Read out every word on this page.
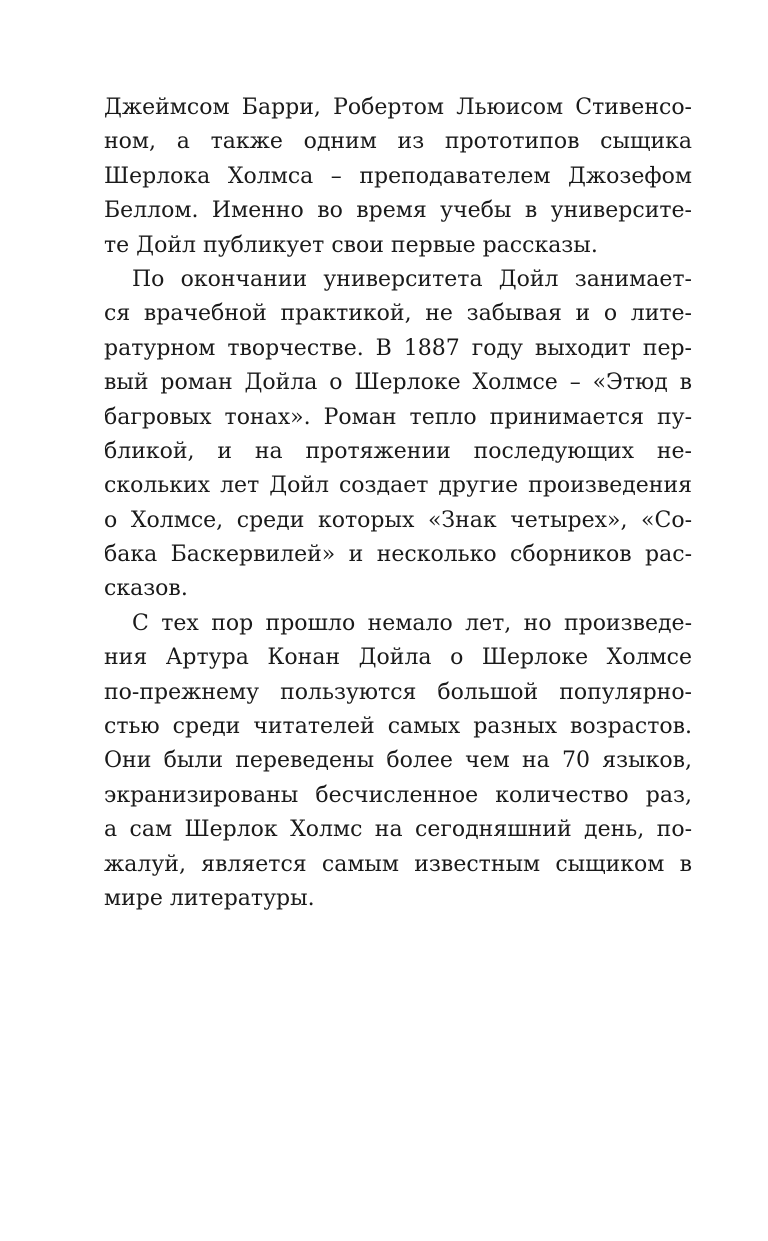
Джеймсом Барри, Робертом Льюисом Стивенсо-
ном, а также одним из прототипов сыщика
Шерлока Холмса – преподавателем Джозефом
Беллом. Именно во время учебы в университе-
те Дойл публикует свои первые рассказы.
По окончании университета Дойл занимает-
ся врачебной практикой, не забывая и о лите-
ратурном творчестве. В 1887 году выходит пер-
вый роман Дойла о Шерлоке Холмсе – «Этюд в
багровых тонах». Роман тепло принимается пу-
бликой, и на протяжении последующих не-
скольких лет Дойл создает другие произведения
о Холмсе, среди которых «Знак четырех», «Со-
бака Баскервилей» и несколько сборников рас-
сказов.
С тех пор прошло немало лет, но произведе-
ния Артура Конан Дойла о Шерлоке Холмсе
по-прежнему пользуются большой популярно-
стью среди читателей самых разных возрастов.
Они были переведены более чем на 70 языков,
экранизированы бесчисленное количество раз,
а сам Шерлок Холмс на сегодняшний день, по-
жалуй, является самым известным сыщиком в
мире литературы.
